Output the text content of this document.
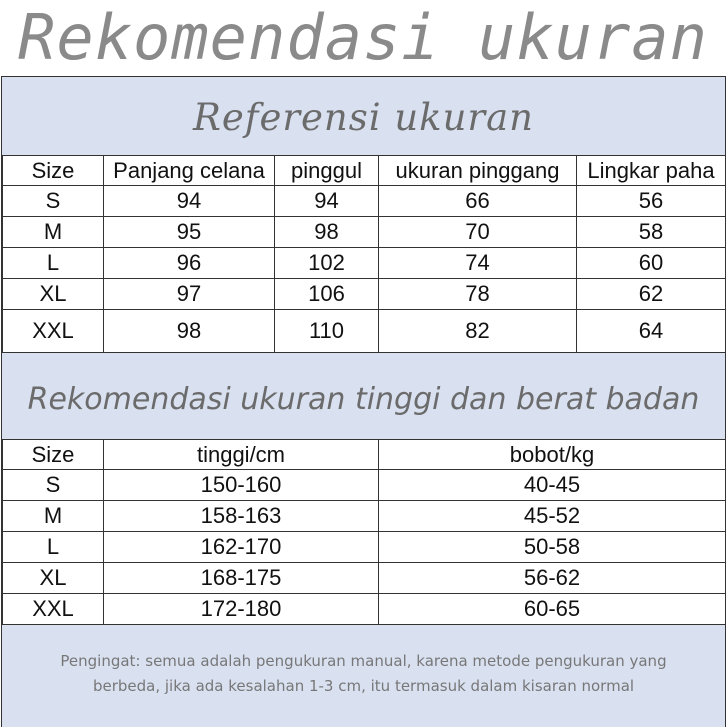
Rekomendasi ukuran
Referensi ukuran
Size	Panjang celana	pinggul	ukuran pinggang	Lingkar paha
S	94	94	66	56
M	95	98	70	58
L	96	102	74	60
XL	97	106	78	62
XXL	98	110	82	64
Rekomendasi ukuran tinggi dan berat badan
Size	tinggi/cm	bobot/kg
S	150-160	40-45
M	158-163	45-52
L	162-170	50-58
XL	168-175	56-62
XXL	172-180	60-65
Pengingat: semua adalah pengukuran manual, karena metode pengukuran yang
berbeda, jika ada kesalahan 1-3 cm, itu termasuk dalam kisaran normal
